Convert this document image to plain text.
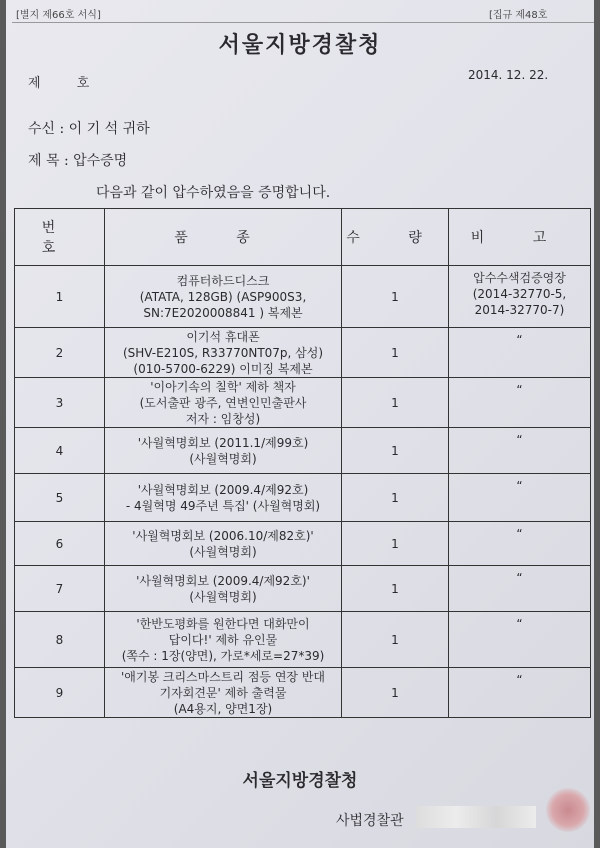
[별지 제66호 서식]	[집규 제48호
서울지방경찰청
제 호
2014. 12. 22.
수신 : 이 기 석 귀하
제 목 : 압수증명
다음과 같이 압수하였음을 증명합니다.
번 호	품 종	수 량	비 고
1	컴퓨터하드디스크
(ATATA, 128GB) (ASP900S3,
SN:7E2020008841 ) 복제본	1	압수수색검증영장
(2014-32770-5,
2014-32770-7)

2	이기석 휴대폰
(SHV-E210S, R33770NT07p, 삼성)
(010-5700-6229) 이미징 복제본	1	“

3	'이아기속의 칠학' 제하 책자
(도서출판 광주, 연변인민출판사
저자 : 임창성)	1	“

4	'사월혁명회보 (2011.1/제99호)
(사월혁명회)	1	“

5	'사월혁명회보 (2009.4/제92호)
- 4월혁명 49주년 특집' (사월혁명회)	1	“

6	'사월혁명회보 (2006.10/제82호)'
(사월혁명회)	1	“

7	'사월혁명회보 (2009.4/제92호)'
(사월혁명회)	1	“

8	'한반도평화를 원한다면 대화만이
답이다!' 제하 유인물
(쪽수 : 1장(양면), 가로*세로=27*39)	1	“

9	'애기봉 크리스마스트리 점등 연장 반대
기자회견문' 제하 출력물
(A4용지, 양면1장)	1	“
서울지방경찰청
사법경찰관
